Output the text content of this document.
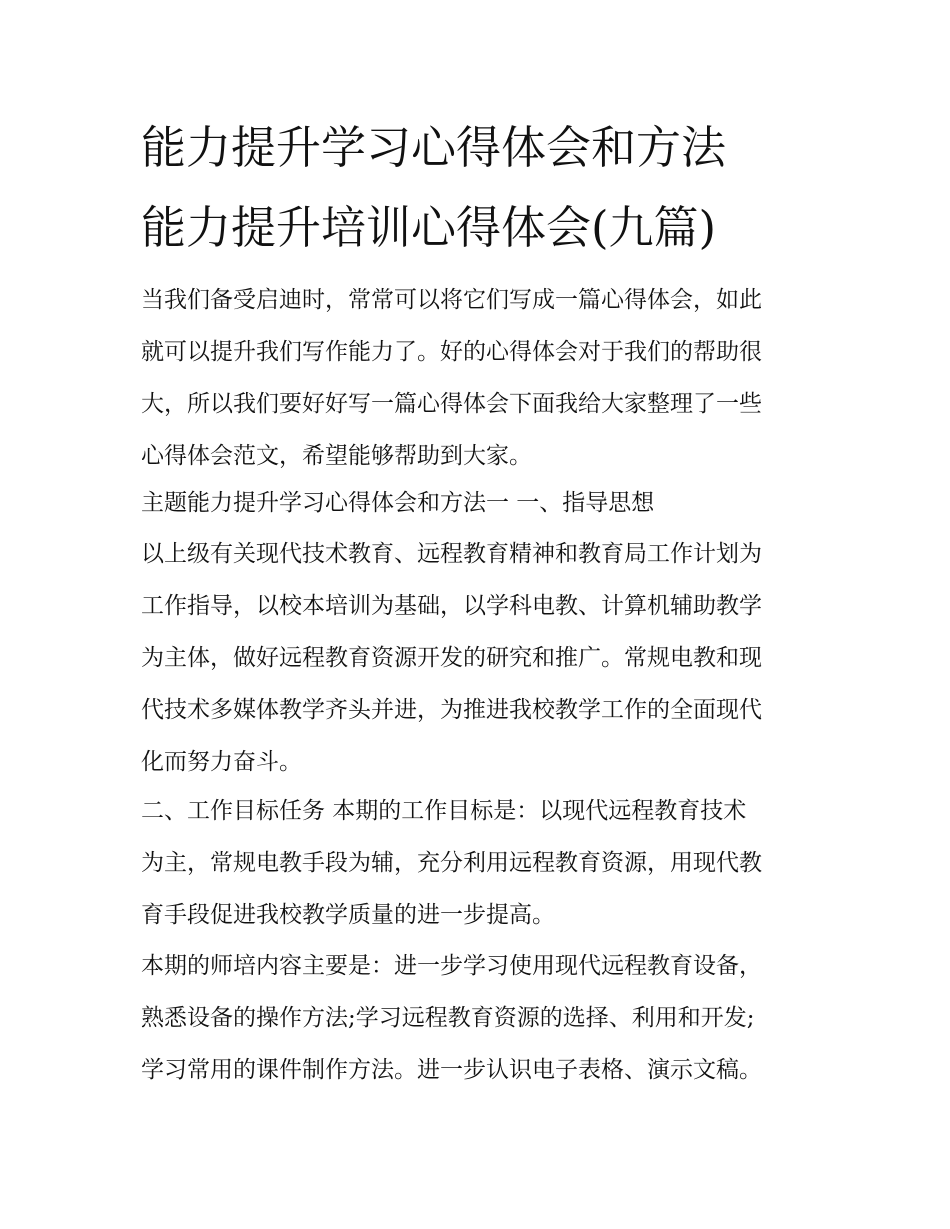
能力提升学习心得体会和方法
能力提升培训心得体会(九篇)
当我们备受启迪时，常常可以将它们写成一篇心得体会，如此
就可以提升我们写作能力了。好的心得体会对于我们的帮助很
大，所以我们要好好写一篇心得体会下面我给大家整理了一些
心得体会范文，希望能够帮助到大家。
主题能力提升学习心得体会和方法一 一、指导思想
以上级有关现代技术教育、远程教育精神和教育局工作计划为
工作指导，以校本培训为基础，以学科电教、计算机辅助教学
为主体，做好远程教育资源开发的研究和推广。常规电教和现
代技术多媒体教学齐头并进，为推进我校教学工作的全面现代
化而努力奋斗。
二、工作目标任务 本期的工作目标是：以现代远程教育技术
为主，常规电教手段为辅，充分利用远程教育资源，用现代教
育手段促进我校教学质量的进一步提高。
本期的师培内容主要是：进一步学习使用现代远程教育设备，
熟悉设备的操作方法;学习远程教育资源的选择、利用和开发;
学习常用的课件制作方法。进一步认识电子表格、演示文稿。
